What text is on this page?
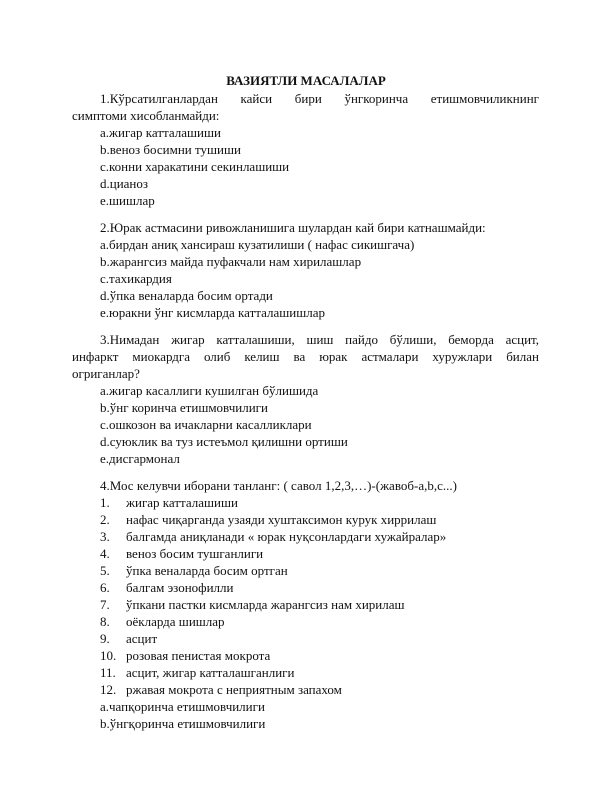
ВАЗИЯТЛИ МАСАЛАЛАР
1.Кўрсатилганлардан кайси бири ўнгкоринча етишмовчиликнинг
симптоми хисобланмайди:
a.жигар катталашиши
b.веноз босимни тушиши
c.конни харакатини секинлашиши
d.цианоз
e.шишлар
2.Юрак астмасини ривожланишига шулардан кай бири катнашмайди:
a.бирдан аниқ хансираш кузатилиши ( нафас сикишгача)
b.жарангсиз майда пуфакчали нам хирилашлар
c.тахикардия
d.ўпка веналарда босим ортади
e.юракни ўнг кисмларда катталашишлар
3.Нимадан жигар катталашиши, шиш пайдо бўлиши, беморда асцит,
инфаркт миокардга олиб келиш ва юрак астмалари хуружлари билан
огриганлар?
a.жигар касаллиги кушилган бўлишида
b.ўнг коринча етишмовчилиги
c.ошкозон ва ичакларни касалликлари
d.суюклик ва туз истеъмол қилишни ортиши
e.дисгармонал
4.Мос келувчи иборани танланг: ( савол 1,2,3,…)-(жавоб-a,b,c...)
1.	жигар катталашиши
2.	нафас чиқарганда узаяди хуштаксимон курук хиррилаш
3.	балгамда аниқланади « юрак нуқсонлардаги хужайралар»
4.	веноз босим тушганлиги
5.	ўпка веналарда босим ортган
6.	балгам эзонофилли
7.	ўпкани пастки кисмларда жарангсиз нам хирилаш
8.	оёкларда шишлар
9.	асцит
10. розовая пенистая мокрота
11. асцит, жигар катталашганлиги
12. ржавая мокрота с неприятным запахом
a.чапқоринча етишмовчилиги
b.ўнгқоринча етишмовчилиги
